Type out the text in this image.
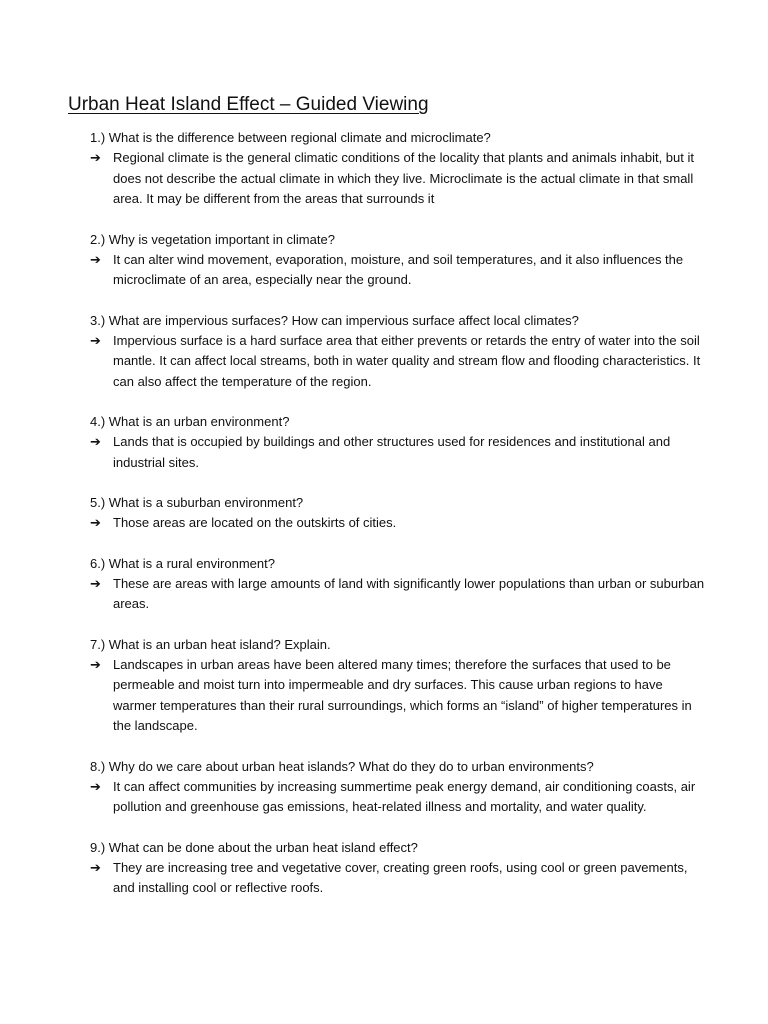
Urban Heat Island Effect – Guided Viewing

1.) What is the difference between regional climate and microclimate?

➔ Regional climate is the general climatic conditions of the locality that plants and animals inhabit, but it does not describe the actual climate in which they live. Microclimate is the actual climate in that small area. It may be different from the areas that surrounds it

2.) Why is vegetation important in climate?

➔ It can alter wind movement, evaporation, moisture, and soil temperatures, and it also influences the microclimate of an area, especially near the ground.

3.) What are impervious surfaces? How can impervious surface affect local climates?

➔ Impervious surface is a hard surface area that either prevents or retards the entry of water into the soil mantle. It can affect local streams, both in water quality and stream flow and flooding characteristics. It can also affect the temperature of the region.

4.) What is an urban environment?

➔ Lands that is occupied by buildings and other structures used for residences and institutional and industrial sites.

5.) What is a suburban environment?

➔ Those areas are located on the outskirts of cities.

6.) What is a rural environment?

➔ These are areas with large amounts of land with significantly lower populations than urban or suburban areas.

7.) What is an urban heat island? Explain.

➔ Landscapes in urban areas have been altered many times; therefore the surfaces that used to be permeable and moist turn into impermeable and dry surfaces. This cause urban regions to have warmer temperatures than their rural surroundings, which forms an “island” of higher temperatures in the landscape.

8.) Why do we care about urban heat islands? What do they do to urban environments?

➔ It can affect communities by increasing summertime peak energy demand, air conditioning coasts, air pollution and greenhouse gas emissions, heat-related illness and mortality, and water quality.

9.) What can be done about the urban heat island effect?

➔ They are increasing tree and vegetative cover, creating green roofs, using cool or green pavements, and installing cool or reflective roofs.
